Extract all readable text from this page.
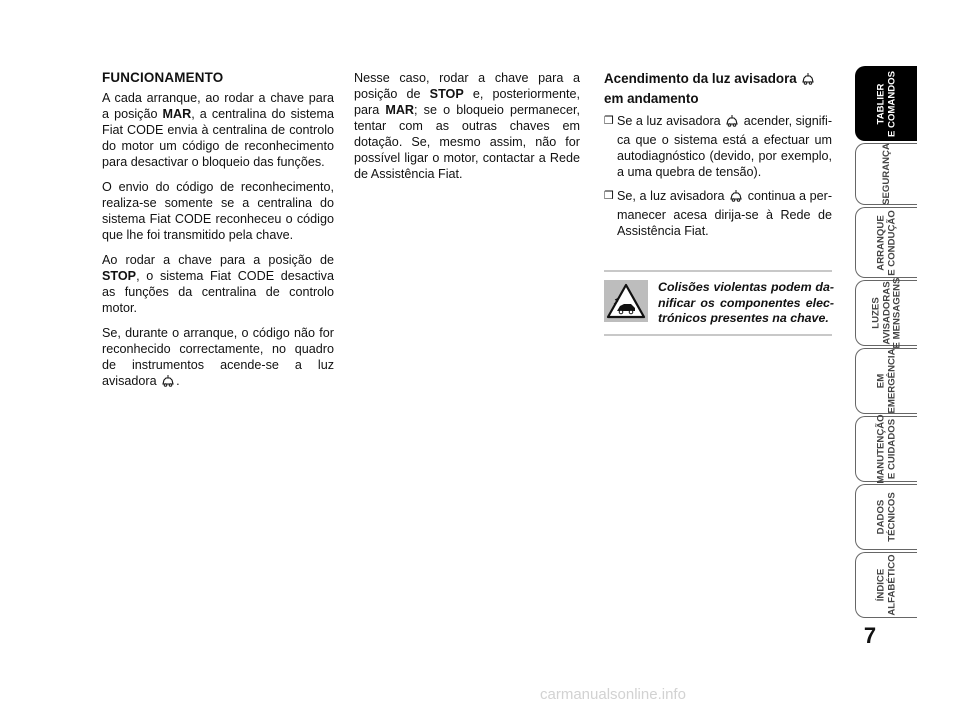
FUNCIONAMENTO

A cada arranque, ao rodar a chave para a posição MAR, a centralina do sistema Fiat CODE envia à centralina de controlo do motor um código de reconhecimento para desactivar o bloqueio das funções.

O envio do código de reconhecimento, realiza-se somente se a centralina do sistema Fiat CODE reconheceu o código que lhe foi transmitido pela chave.

Ao rodar a chave para a posição de STOP, o sistema Fiat CODE desactiva as funções da centralina de controlo motor.

Se, durante o arranque, o código não for reconhecido correctamente, no quadro de instrumentos acende-se a luz avisadora .

Nesse caso, rodar a chave para a posição de STOP e, posteriormente, para MAR; se o bloqueio permanecer, tentar com as outras chaves em dotação. Se, mesmo assim, não for possível ligar o motor, contactar a Rede de Assistência Fiat.

Acendimento da luz avisadora
em andamento
❒ Se a luz avisadora acender, significa que o sistema está a efectuar um autodiagnóstico (devido, por exemplo, a uma quebra de tensão).
❒ Se, a luz avisadora continua a permanecer acesa dirija-se à Rede de Assistência Fiat.
Colisões violentas podem danificar os componentes electrónicos presentes na chave.
TABLIER
E COMANDOS
SEGURANÇA
ARRANQUE
E CONDUÇÃO
LUZES
AVISADORAS
E MENSAGENS
EM
EMERGÊNCIA
MANUTENÇÃO
E CUIDADOS
DADOS
TÉCNICOS
ÍNDICE
ALFABÉTICO
7
carmanualsonline.info
